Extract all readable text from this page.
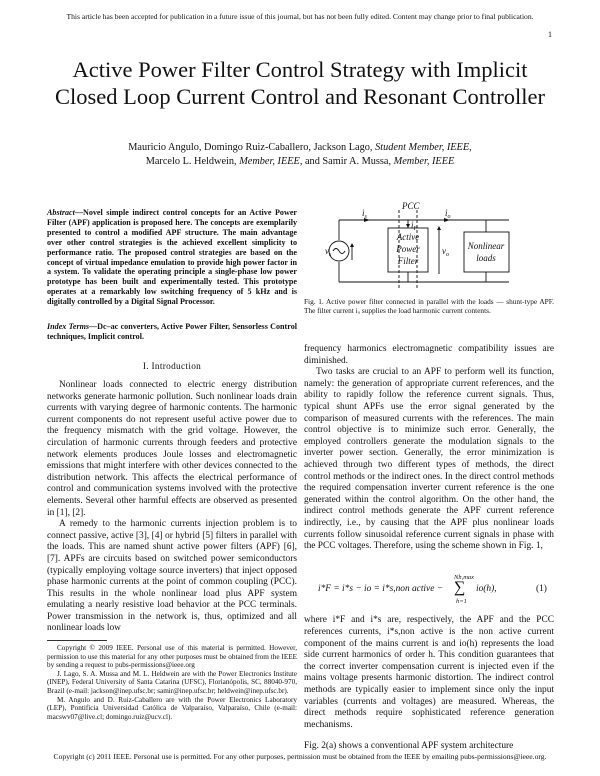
This article has been accepted for publication in a future issue of this journal, but has not been fully edited. Content may change prior to final publication.
1
Active Power Filter Control Strategy with Implicit Closed Loop Current Control and Resonant Controller
Mauricio Angulo, Domingo Ruiz-Caballero, Jackson Lago, Student Member, IEEE,
Marcelo L. Heldwein, Member, IEEE, and Samir A. Mussa, Member, IEEE
Abstract—Novel simple indirect control concepts for an Active Power Filter (APF) application is proposed here. The concepts are exemplarily presented to control a modified APF structure. The main advantage over other control strategies is the achieved excellent simplicity to performance ratio. The proposed control strategies are based on the concept of virtual impedance emulation to provide high power factor in a system. To validate the operating principle a single-phase low power prototype has been built and experimentally tested. This prototype operates at a remarkably low switching frequency of 5 kHz and is digitally controlled by a Digital Signal Processor.
Index Terms—Dc–ac converters, Active Power Filter, Sensorless Control techniques, Implicit control.
I. Introduction

Nonlinear loads connected to electric energy distribution networks generate harmonic pollution. Such nonlinear loads drain currents with varying degree of harmonic contents. The harmonic current components do not represent useful active power due to the frequency mismatch with the grid voltage. However, the circulation of harmonic currents through feeders and protective network elements produces Joule losses and electromagnetic emissions that might interfere with other devices connected to the distribution network. This affects the electrical performance of control and communication systems involved with the protective elements. Several other harmful effects are observed as presented in [1], [2].

A remedy to the harmonic currents injection problem is to connect passive, active [3], [4] or hybrid [5] filters in parallel with the loads. This are named shunt active power filters (APF) [6], [7]. APFs are circuits based on switched power semiconductors (typically employing voltage source inverters) that inject opposed phase harmonic currents at the point of common coupling (PCC). This results in the whole nonlinear load plus APF system emulating a nearly resistive load behavior at the PCC terminals. Power transmission in the network is, thus, optimized and all nonlinear loads low

Copyright © 2009 IEEE. Personal use of this material is permitted. However, permission to use this material for any other purposes must be obtained from the IEEE by sending a request to pubs-permissions@ieee.org

J. Lago, S. A. Mussa and M. L. Heldwein are with the Power Electronics Institute (INEP), Federal University of Santa Catarina (UFSC), Florianópolis, SC, 88040-970, Brazil (e-mail: jackson@inep.ufsc.br; samir@inep.ufsc.br; heldwein@inep.ufsc.br).

M. Angulo and D. Ruiz-Caballero are with the Power Electronics Laboratory (LEP), Pontificia Universidad Católica de Valparaíso, Valparaíso, Chile (e-mail: macswv07@live.cl; domingo.ruiz@ucv.cl).

PCC
$v_s$
$i_s$
$i_F$
$i_o$
$v_o$
Active
Power
Filter
Nonlinear
loads
Fig. 1. Active power filter connected in parallel with the loads — shunt-type APF. The filter current iᵤ supplies the load harmonic current contents.

frequency harmonics electromagnetic compatibility issues are diminished.

Two tasks are crucial to an APF to perform well its function, namely: the generation of appropriate current references, and the ability to rapidly follow the reference current signals. Thus, typical shunt APFs use the error signal generated by the comparison of measured currents with the references. The main control objective is to minimize such error. Generally, the employed controllers generate the modulation signals to the inverter power section. Generally, the error minimization is achieved through two different types of methods, the direct control methods or the indirect ones. In the direct control methods the required compensation inverter current reference is the one generated within the control algorithm. On the other hand, the indirect control methods generate the APF current reference indirectly, i.e., by causing that the APF plus nonlinear loads currents follow sinusoidal reference current signals in phase with the PCC voltages. Therefore, using the scheme shown in Fig. 1,

i*F = i*s − io = i*s,non active −
Nh,max
∑
h=1
io(h),	(1)

where i*F and i*s are, respectively, the APF and the PCC references currents, i*s,non active is the non active current component of the mains current is and io(h) represents the load side current harmonics of order h. This condition guarantees that the correct inverter compensation current is injected even if the mains voltage presents harmonic distortion. The indirect control methods are typically easier to implement since only the input variables (currents and voltages) are measured. Whereas, the direct methods require sophisticated reference generation mechanisms.

Fig. 2(a) shows a conventional APF system architecture

Copyright (c) 2011 IEEE. Personal use is permitted. For any other purposes, permission must be obtained from the IEEE by emailing pubs-permissions@ieee.org.
